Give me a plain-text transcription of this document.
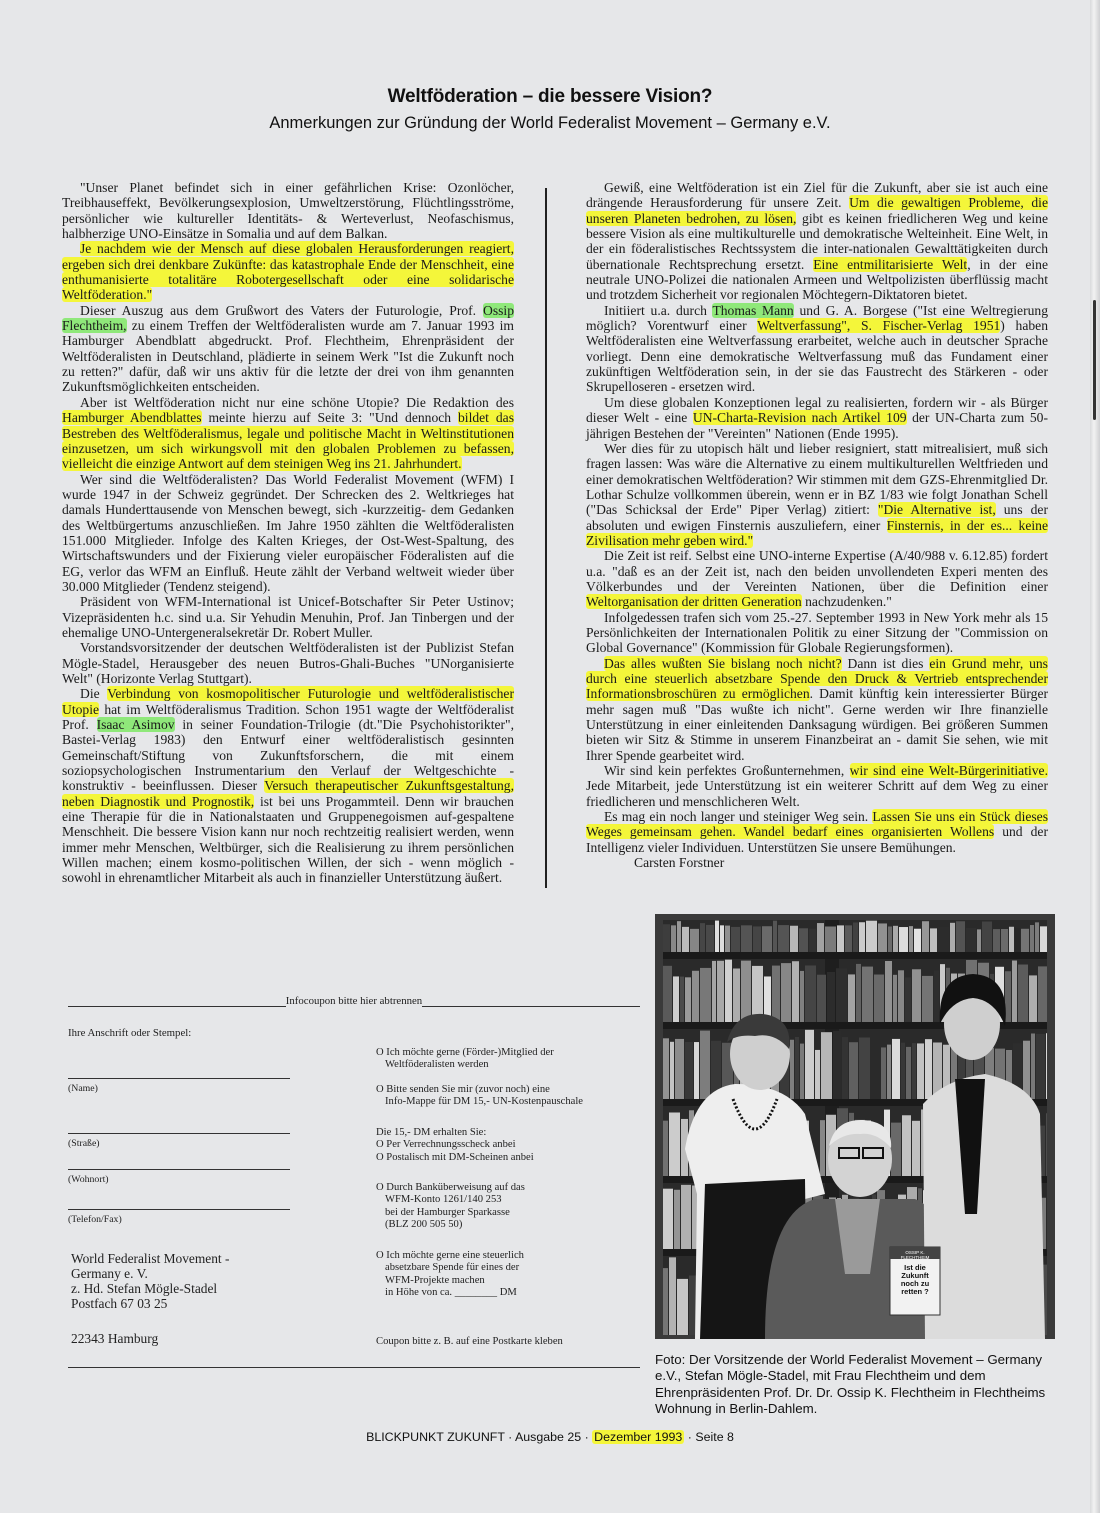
Weltföderation – die bessere Vision?
Anmerkungen zur Gründung der World Federalist Movement – Germany e.V.

"Unser Planet befindet sich in einer gefährlichen Krise: Ozonlöcher, Treibhauseffekt, Bevölkerungsexplosion, Umweltzerstörung, Flüchtlingsströme, persönlicher wie kultureller Identitäts- & Werteverlust, Neofaschismus, halbherzige UNO-Einsätze in Somalia und auf dem Balkan.

Je nachdem wie der Mensch auf diese globalen Herausforderungen reagiert, ergeben sich drei denkbare Zukünfte: das katastrophale Ende der Menschheit, eine enthumanisierte totalitäre Robotergesellschaft oder eine solidarische Weltföderation."

Dieser Auszug aus dem Grußwort des Vaters der Futurologie, Prof. Ossip Flechtheim, zu einem Treffen der Weltföderalisten wurde am 7. Januar 1993 im Hamburger Abendblatt abgedruckt. Prof. Flechtheim, Ehrenpräsident der Weltföderalisten in Deutschland, plädierte in seinem Werk "Ist die Zukunft noch zu retten?" dafür, daß wir uns aktiv für die letzte der drei von ihm genannten Zukunftsmöglichkeiten entscheiden.

Aber ist Weltföderation nicht nur eine schöne Utopie? Die Redaktion des Hamburger Abendblattes meinte hierzu auf Seite 3: "Und dennoch bildet das Bestreben des Weltföderalismus, legale und politische Macht in Weltinstitutionen einzusetzen, um sich wirkungsvoll mit den globalen Problemen zu befassen, vielleicht die einzige Antwort auf dem steinigen Weg ins 21. Jahrhundert.

Wer sind die Weltföderalisten? Das World Federalist Movement (WFM) I wurde 1947 in der Schweiz gegründet. Der Schrecken des 2. Weltkrieges hat damals Hunderttausende von Menschen bewegt, sich -kurzzeitig- dem Gedanken des Weltbürgertums anzuschließen. Im Jahre 1950 zählten die Weltföderalisten 151.000 Mitglieder. Infolge des Kalten Krieges, der Ost-West-Spaltung, des Wirtschaftswunders und der Fixierung vieler europäischer Föderalisten auf die EG, verlor das WFM an Einfluß. Heute zählt der Verband weltweit wieder über 30.000 Mitglieder (Tendenz steigend).

Präsident von WFM-International ist Unicef-Botschafter Sir Peter Ustinov; Vizepräsidenten h.c. sind u.a. Sir Yehudin Menuhin, Prof. Jan Tinbergen und der ehemalige UNO-Untergeneralsekretär Dr. Robert Muller.

Vorstandsvorsitzender der deutschen Weltföderalisten ist der Publizist Stefan Mögle-Stadel, Herausgeber des neuen Butros-Ghali-Buches "UNorganisierte Welt" (Horizonte Verlag Stuttgart).

Die Verbindung von kosmopolitischer Futurologie und weltföderalistischer Utopie hat im Weltföderalismus Tradition. Schon 1951 wagte der Weltföderalist Prof. Isaac Asimov in seiner Foundation-Trilogie (dt."Die Psychohistorikter", Bastei-Verlag 1983) den Entwurf einer weltföderalistisch gesinnten Gemeinschaft/Stiftung von Zukunftsforschern, die mit einem soziopsychologischen Instrumentarium den Verlauf der Weltgeschichte - konstruktiv - beeinflussen. Dieser Versuch therapeutischer Zukunftsgestaltung, neben Diagnostik und Prognostik, ist bei uns Progammteil. Denn wir brauchen eine Therapie für die in Nationalstaaten und Gruppenegoismen auf-gespaltene Menschheit. Die bessere Vision kann nur noch rechtzeitig realisiert werden, wenn immer mehr Menschen, Weltbürger, sich die Realisierung zu ihrem persönlichen Willen machen; einem kosmo-politischen Willen, der sich - wenn möglich - sowohl in ehrenamtlicher Mitarbeit als auch in finanzieller Unterstützung äußert.

Gewiß, eine Weltföderation ist ein Ziel für die Zukunft, aber sie ist auch eine drängende Herausforderung für unsere Zeit. Um die gewaltigen Probleme, die unseren Planeten bedrohen, zu lösen, gibt es keinen friedlicheren Weg und keine bessere Vision als eine multikulturelle und demokratische Welteinheit. Eine Welt, in der ein föderalistisches Rechtssystem die inter-nationalen Gewalttätigkeiten durch übernationale Rechtsprechung ersetzt. Eine entmilitarisierte Welt, in der eine neutrale UNO-Polizei die nationalen Armeen und Weltpolizisten überflüssig macht und trotzdem Sicherheit vor regionalen Möchtegern-Diktatoren bietet.

Initiiert u.a. durch Thomas Mann und G. A. Borgese ("Ist eine Weltregierung möglich? Vorentwurf einer Weltverfassung", S. Fischer-Verlag 1951) haben Weltföderalisten eine Weltverfassung erarbeitet, welche auch in deutscher Sprache vorliegt. Denn eine demokratische Weltverfassung muß das Fundament einer zukünftigen Weltföderation sein, in der sie das Faustrecht des Stärkeren - oder Skrupelloseren - ersetzen wird.

Um diese globalen Konzeptionen legal zu realisierten, fordern wir - als Bürger dieser Welt - eine UN-Charta-Revision nach Artikel 109 der UN-Charta zum 50-jährigen Bestehen der "Vereinten" Nationen (Ende 1995).

Wer dies für zu utopisch hält und lieber resigniert, statt mitrealisiert, muß sich fragen lassen: Was wäre die Alternative zu einem multikulturellen Weltfrieden und einer demokratischen Weltföderation? Wir stimmen mit dem GZS-Ehrenmitglied Dr. Lothar Schulze vollkommen überein, wenn er in BZ 1/83 wie folgt Jonathan Schell ("Das Schicksal der Erde" Piper Verlag) zitiert: "Die Alternative ist, uns der absoluten und ewigen Finsternis auszuliefern, einer Finsternis, in der es... keine Zivilisation mehr geben wird."

Die Zeit ist reif. Selbst eine UNO-interne Expertise (A/40/988 v. 6.12.85) fordert u.a. "daß es an der Zeit ist, nach den beiden unvollendeten Experi menten des Völkerbundes und der Vereinten Nationen, über die Definition einer Weltorganisation der dritten Generation nachzudenken."

Infolgedessen trafen sich vom 25.-27. September 1993 in New York mehr als 15 Persönlichkeiten der Internationalen Politik zu einer Sitzung der "Commission on Global Governance" (Kommission für Globale Regierungsformen).

Das alles wußten Sie bislang noch nicht? Dann ist dies ein Grund mehr, uns durch eine steuerlich absetzbare Spende den Druck & Vertrieb entsprechender Informationsbroschüren zu ermöglichen. Damit künftig kein interessierter Bürger mehr sagen muß "Das wußte ich nicht". Gerne werden wir Ihre finanzielle Unterstützung in einer einleitenden Danksagung würdigen. Bei größeren Summen bieten wir Sitz & Stimme in unserem Finanzbeirat an - damit Sie sehen, wie mit Ihrer Spende gearbeitet wird.

Wir sind kein perfektes Großunternehmen, wir sind eine Welt-Bürgerinitiative. Jede Mitarbeit, jede Unterstützung ist ein weiterer Schritt auf dem Weg zu einer friedlicheren und menschlicheren Welt.

Es mag ein noch langer und steiniger Weg sein. Lassen Sie uns ein Stück dieses Weges gemeinsam gehen. Wandel bedarf eines organisierten Wollens und der Intelligenz vieler Individuen. Unterstützen Sie unsere Bemühungen.

Carsten Forstner

Infocoupon bitte hier abtrennen
Ihre Anschrift oder Stempel:
(Name)
(Straße)
(Wohnort)
(Telefon/Fax)
O Ich möchte gerne (Förder-)Mitglied der
Weltföderalisten werden
O Bitte senden Sie mir (zuvor noch) eine
Info-Mappe für DM 15,- UN-Kostenpauschale
Die 15,- DM erhalten Sie:
O Per Verrechnungsscheck anbei
O Postalisch mit DM-Scheinen anbei
O Durch Banküberweisung auf das
WFM-Konto 1261/140 253
bei der Hamburger Sparkasse
(BLZ 200 505 50)
O Ich möchte gerne eine steuerlich
absetzbare Spende für eines der
WFM-Projekte machen
in Höhe von ca. ________ DM
World Federalist Movement -
Germany e. V.
z. Hd. Stefan Mögle-Stadel
Postfach 67 03 25
22343 Hamburg	Coupon bitte z. B. auf eine Postkarte kleben
OSSIP K. FLECHTHEIM
Ist die Zukunft noch zu retten ?
Foto: Der Vorsitzende der World Federalist Movement – Germany e.V., Stefan Mögle-Stadel, mit Frau Flechtheim und dem Ehrenpräsidenten Prof. Dr. Dr. Ossip K. Flechtheim in Flechtheims Wohnung in Berlin-Dahlem.
BLICKPUNKT ZUKUNFT · Ausgabe 25 · Dezember 1993 · Seite 8
